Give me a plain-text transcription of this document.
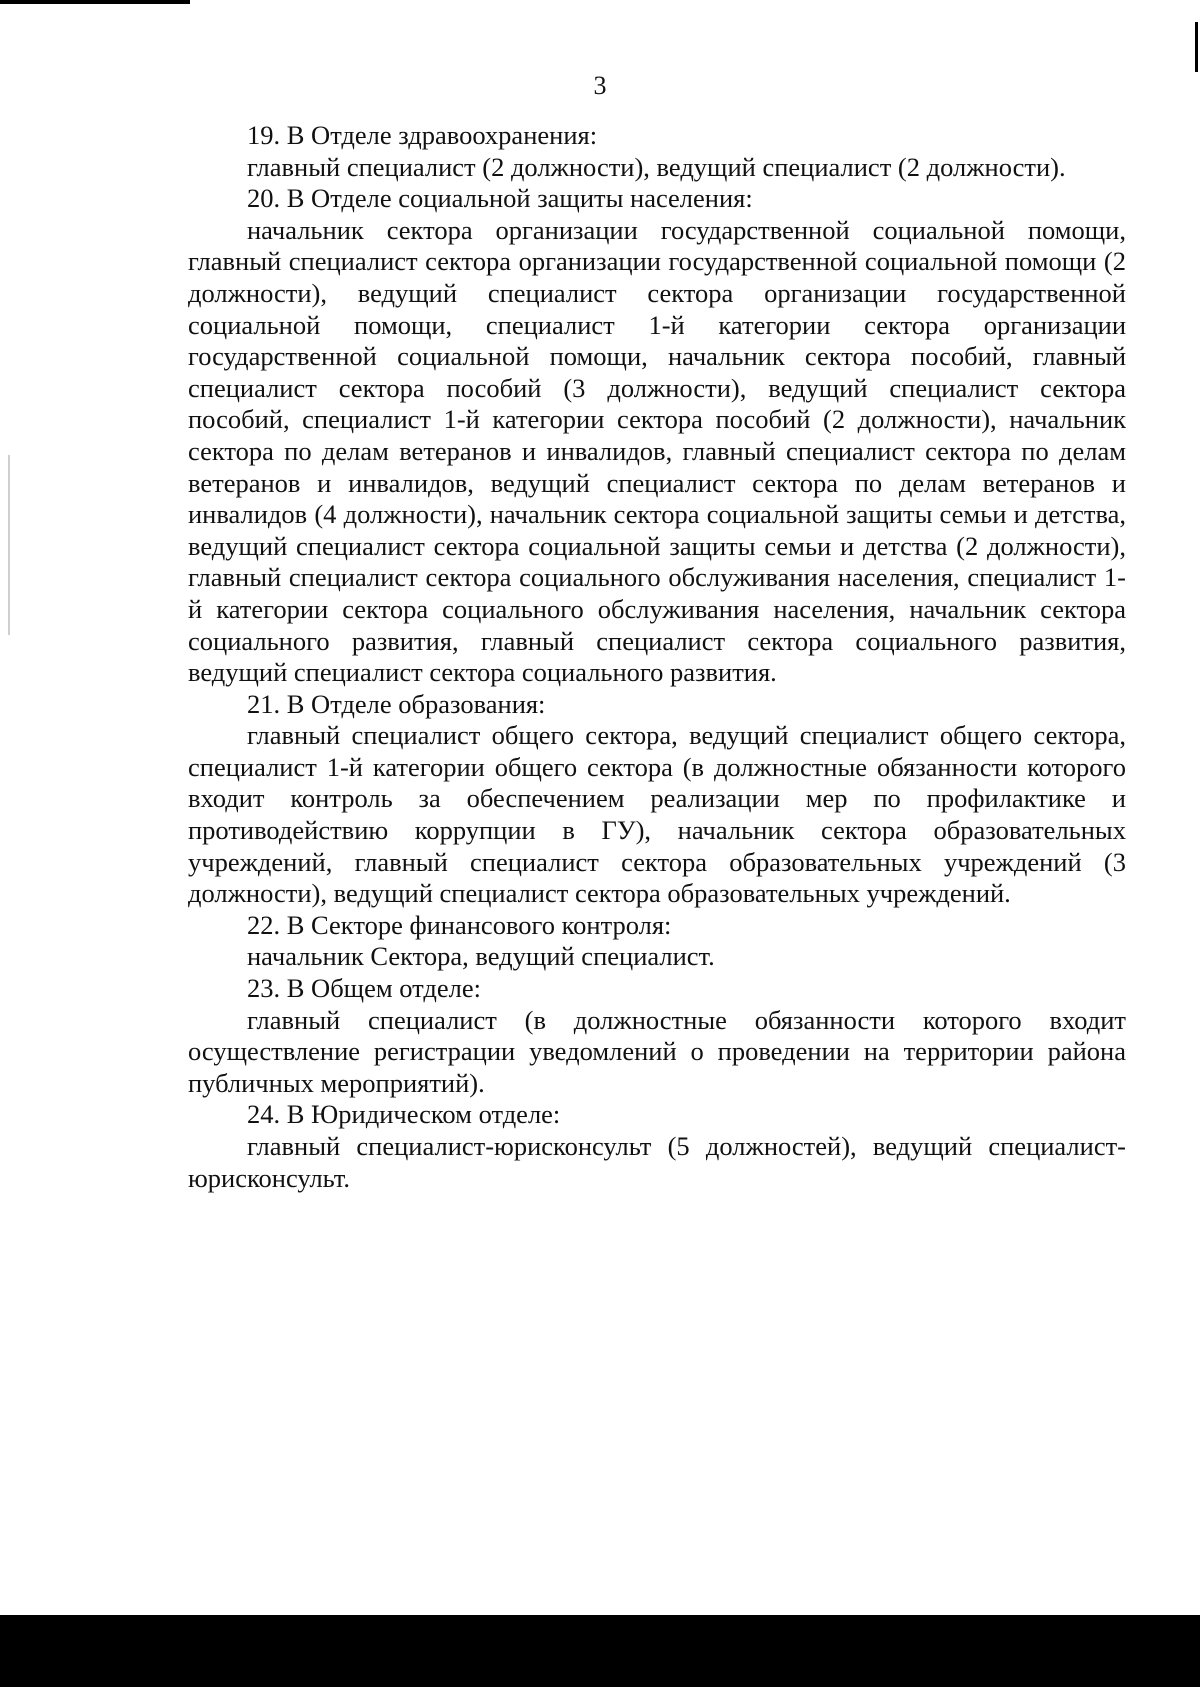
3

19. В Отделе здравоохранения:

главный специалист (2 должности), ведущий специалист (2 должности).

20. В Отделе социальной защиты населения:

начальник сектора организации государственной социальной помощи, главный специалист сектора организации государственной социальной помощи (2 должности), ведущий специалист сектора организации государственной социальной помощи, специалист 1-й категории сектора организации государственной социальной помощи, начальник сектора пособий, главный специалист сектора пособий (3 должности), ведущий специалист сектора пособий, специалист 1-й категории сектора пособий (2 должности), начальник сектора по делам ветеранов и инвалидов, главный специалист сектора по делам ветеранов и инвалидов, ведущий специалист сектора по делам ветеранов и инвалидов (4 должности), начальник сектора социальной защиты семьи и детства, ведущий специалист сектора социальной защиты семьи и детства (2 должности), главный специалист сектора социального обслуживания населения, специалист 1-й категории сектора социального обслуживания населения, начальник сектора социального развития, главный специалист сектора социального развития, ведущий специалист сектора социального развития.

21. В Отделе образования:

главный специалист общего сектора, ведущий специалист общего сектора, специалист 1-й категории общего сектора (в должностные обязанности которого входит контроль за обеспечением реализации мер по профилактике и противодействию коррупции в ГУ), начальник сектора образовательных учреждений, главный специалист сектора образовательных учреждений (3 должности), ведущий специалист сектора образовательных учреждений.

22. В Секторе финансового контроля:

начальник Сектора, ведущий специалист.

23. В Общем отделе:

главный специалист (в должностные обязанности которого входит осуществление регистрации уведомлений о проведении на территории района публичных мероприятий).

24. В Юридическом отделе:

главный специалист-юрисконсульт (5 должностей), ведущий специалист-юрисконсульт.
